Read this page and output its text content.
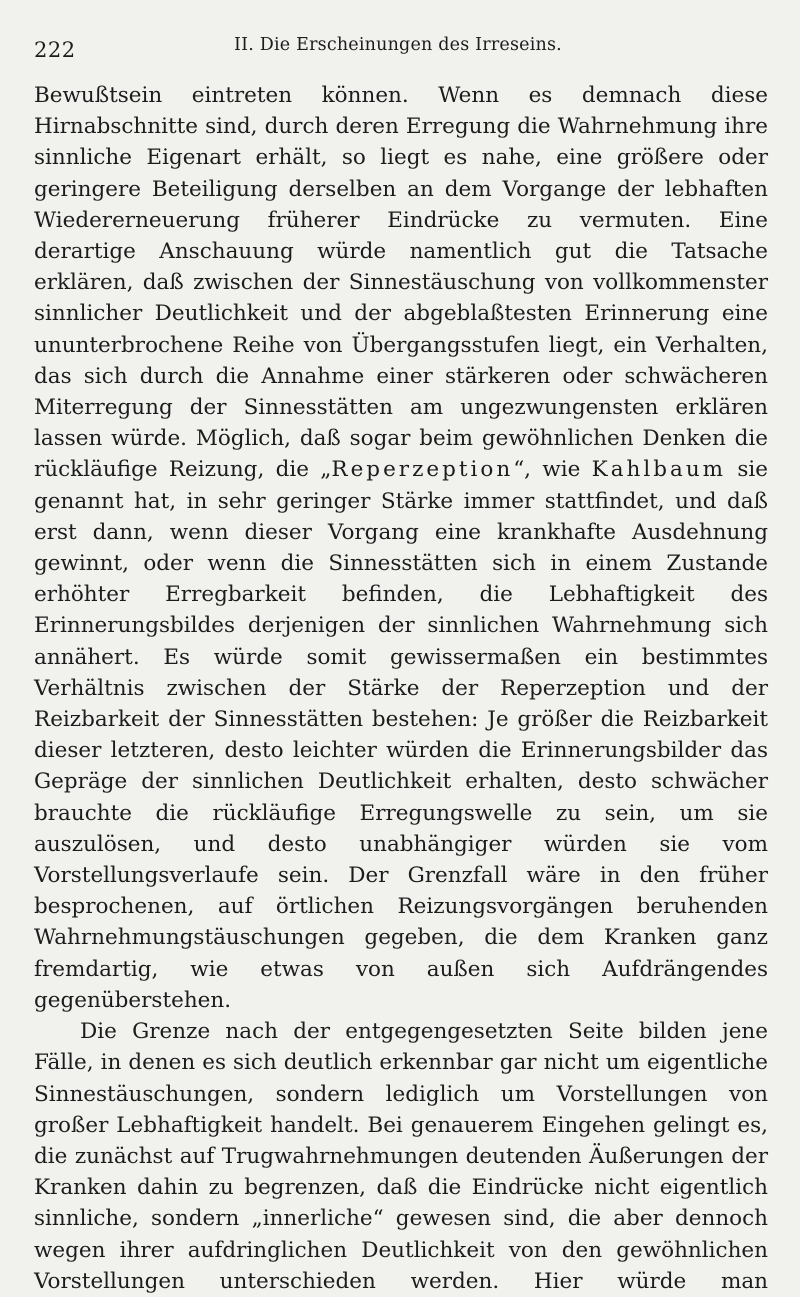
222	II. Die Erscheinungen des Irreseins.

Bewußtsein eintreten können. Wenn es demnach diese Hirnabschnitte sind, durch deren Erregung die Wahrnehmung ihre sinnliche Eigenart erhält, so liegt es nahe, eine größere oder geringere Beteiligung derselben an dem Vorgange der lebhaften Wiedererneuerung früherer Eindrücke zu vermuten. Eine derartige Anschauung würde namentlich gut die Tatsache erklären, daß zwischen der Sinnestäuschung von vollkommenster sinnlicher Deutlichkeit und der abgeblaßtesten Erinnerung eine ununterbrochene Reihe von Übergangsstufen liegt, ein Verhalten, das sich durch die Annahme einer stärkeren oder schwächeren Miterregung der Sinnesstätten am ungezwungensten erklären lassen würde. Möglich, daß sogar beim gewöhnlichen Denken die rückläufige Reizung, die „Reperzeption“, wie Kahlbaum sie genannt hat, in sehr geringer Stärke immer stattfindet, und daß erst dann, wenn dieser Vorgang eine krankhafte Ausdehnung gewinnt, oder wenn die Sinnesstätten sich in einem Zustande erhöhter Erregbarkeit befinden, die Lebhaftigkeit des Erinnerungsbildes derjenigen der sinnlichen Wahrnehmung sich annähert. Es würde somit gewissermaßen ein bestimmtes Verhältnis zwischen der Stärke der Reperzeption und der Reizbarkeit der Sinnesstätten bestehen: Je größer die Reizbarkeit dieser letzteren, desto leichter würden die Erinnerungsbilder das Gepräge der sinnlichen Deutlichkeit erhalten, desto schwächer brauchte die rückläufige Erregungswelle zu sein, um sie auszulösen, und desto unabhängiger würden sie vom Vorstellungsverlaufe sein. Der Grenzfall wäre in den früher besprochenen, auf örtlichen Reizungsvorgängen beruhenden Wahrnehmungstäuschungen gegeben, die dem Kranken ganz fremdartig, wie etwas von außen sich Aufdrängendes gegenüberstehen.

Die Grenze nach der entgegengesetzten Seite bilden jene Fälle, in denen es sich deutlich erkennbar gar nicht um eigentliche Sinnestäuschungen, sondern lediglich um Vorstellungen von großer Lebhaftigkeit handelt. Bei genauerem Eingehen gelingt es, die zunächst auf Trugwahrnehmungen deutenden Äußerungen der Kranken dahin zu begrenzen, daß die Eindrücke nicht eigentlich sinnliche, sondern „innerliche“ gewesen sind, die aber dennoch wegen ihrer aufdringlichen Deutlichkeit von den gewöhnlichen Vorstellungen unterschieden werden. Hier würde man
